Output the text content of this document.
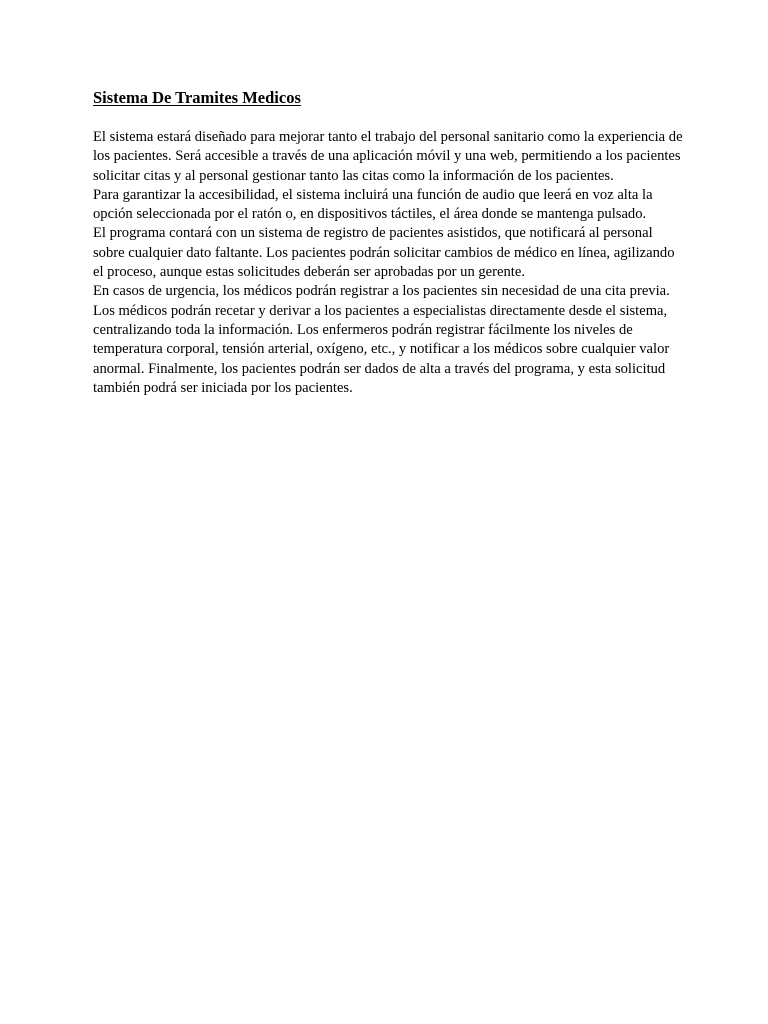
Sistema De Tramites Medicos

El sistema estará diseñado para mejorar tanto el trabajo del personal sanitario como la experiencia de los pacientes. Será accesible a través de una aplicación móvil y una web, permitiendo a los pacientes solicitar citas y al personal gestionar tanto las citas como la información de los pacientes.

Para garantizar la accesibilidad, el sistema incluirá una función de audio que leerá en voz alta la opción seleccionada por el ratón o, en dispositivos táctiles, el área donde se mantenga pulsado.

El programa contará con un sistema de registro de pacientes asistidos, que notificará al personal sobre cualquier dato faltante. Los pacientes podrán solicitar cambios de médico en línea, agilizando el proceso, aunque estas solicitudes deberán ser aprobadas por un gerente.

En casos de urgencia, los médicos podrán registrar a los pacientes sin necesidad de una cita previa.

Los médicos podrán recetar y derivar a los pacientes a especialistas directamente desde el sistema, centralizando toda la información. Los enfermeros podrán registrar fácilmente los niveles de temperatura corporal, tensión arterial, oxígeno, etc., y notificar a los médicos sobre cualquier valor anormal. Finalmente, los pacientes podrán ser dados de alta a través del programa, y esta solicitud también podrá ser iniciada por los pacientes.
